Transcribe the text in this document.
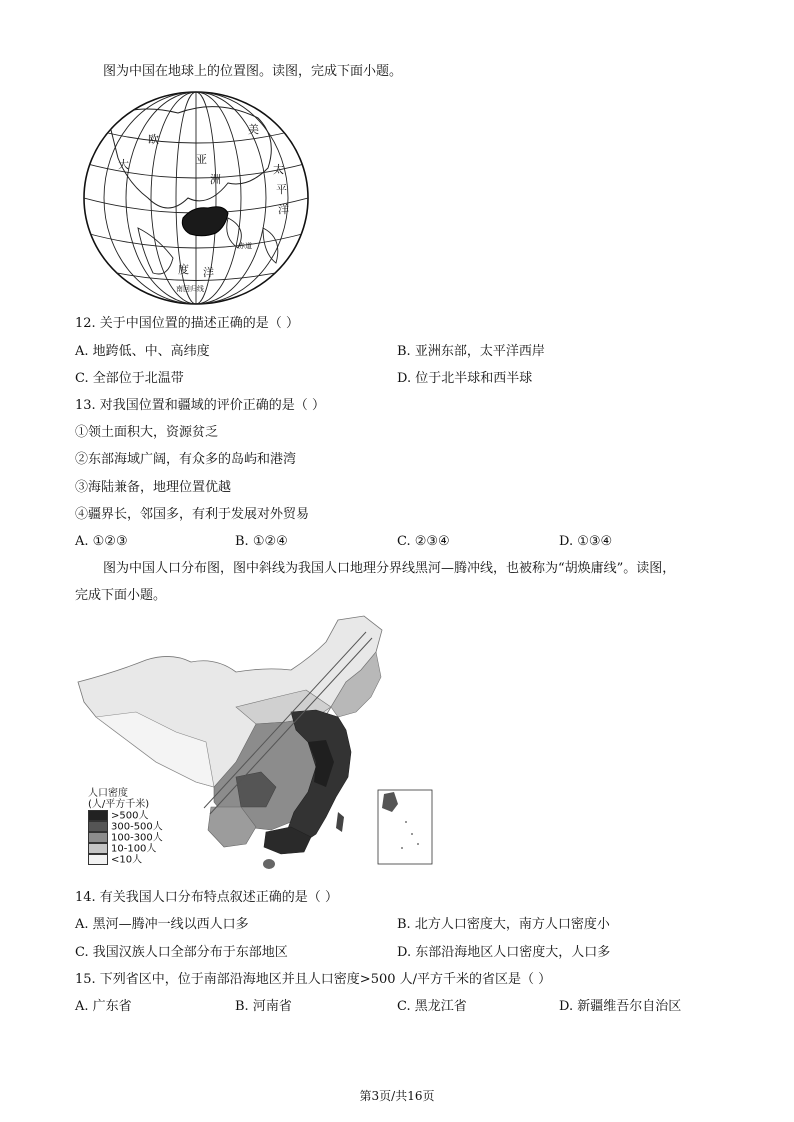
图为中国在地球上的位置图。读图，完成下面小题。
亚
洲
欧
美
大
平
洋
太
度 洋
赤道
南回归线
12. 关于中国位置的描述正确的是（ ）
A. 地跨低、中、高纬度	B. 亚洲东部，太平洋西岸
C. 全部位于北温带	D. 位于北半球和西半球
13. 对我国位置和疆域的评价正确的是（ ）
①领土面积大，资源贫乏
②东部海域广阔，有众多的岛屿和港湾
③海陆兼备，地理位置优越
④疆界长，邻国多，有利于发展对外贸易
A. ①②③	B. ①②④	C. ②③④	D. ①③④
图为中国人口分布图，图中斜线为我国人口地理分界线黑河—腾冲线，也被称为“胡焕庸线”。读图，
完成下面小题。
人口密度
(人/平方千米)
>500人
300-500人
100-300人
10-100人
<10人
14. 有关我国人口分布特点叙述正确的是（ ）
A. 黑河—腾冲一线以西人口多	B. 北方人口密度大，南方人口密度小
C. 我国汉族人口全部分布于东部地区	D. 东部沿海地区人口密度大，人口多
15. 下列省区中，位于南部沿海地区并且人口密度>500 人/平方千米的省区是（ ）
A. 广东省	B. 河南省	C. 黑龙江省	D. 新疆维吾尔自治区
第3页/共16页
